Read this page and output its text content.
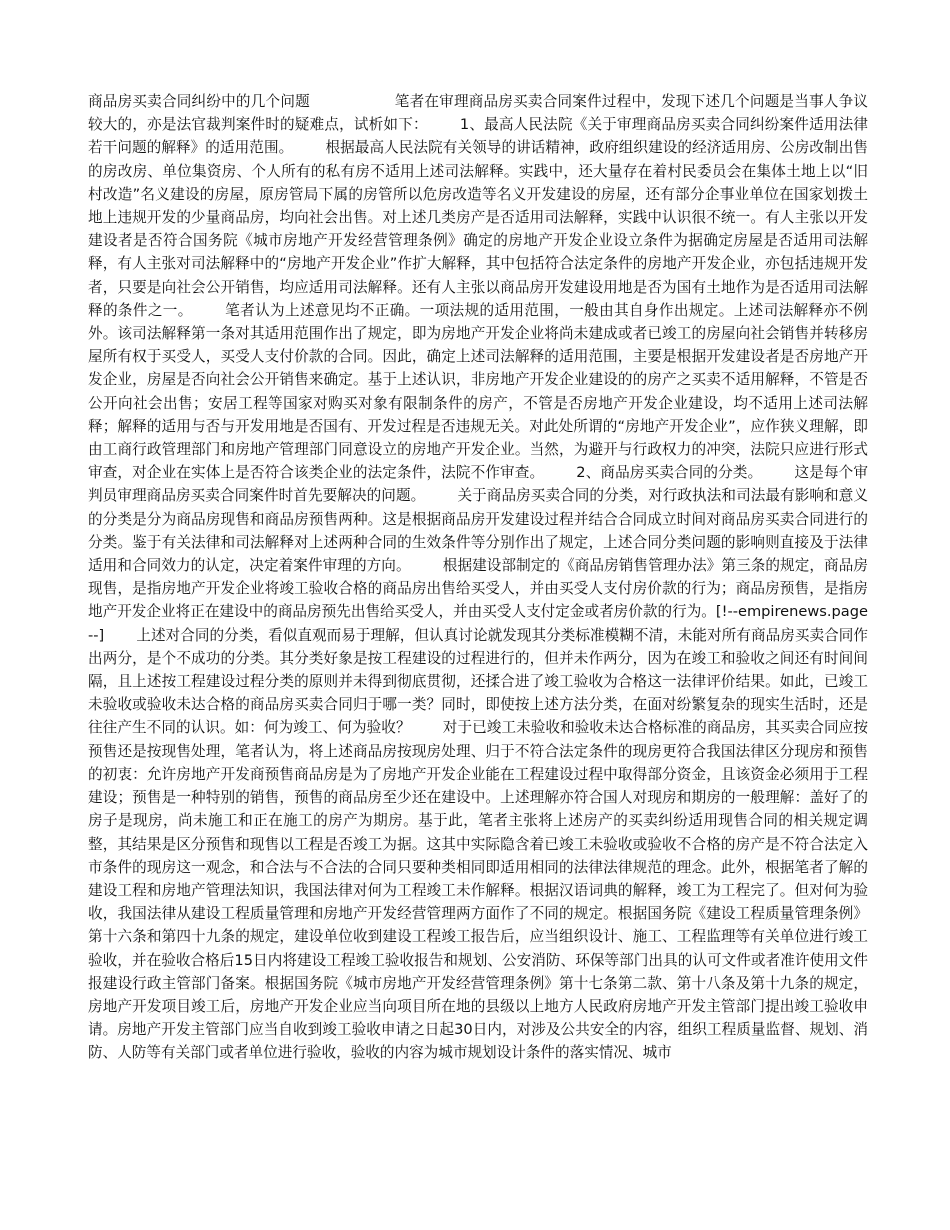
商品房买卖合同纠纷中的几个问题	笔者在审理商品房买卖合同案件过程中，发现下述几个问题是当事人争议较大的，亦是法官裁判案件时的疑难点，试析如下： 1、最高人民法院《关于审理商品房买卖合同纠纷案件适用法律若干问题的解释》的适用范围。 根据最高人民法院有关领导的讲话精神，政府组织建设的经济适用房、公房改制出售的房改房、单位集资房、个人所有的私有房不适用上述司法解释。实践中，还大量存在着村民委员会在集体土地上以“旧村改造”名义建设的房屋，原房管局下属的房管所以危房改造等名义开发建设的房屋，还有部分企事业单位在国家划拨土地上违规开发的少量商品房，均向社会出售。对上述几类房产是否适用司法解释，实践中认识很不统一。有人主张以开发建设者是否符合国务院《城市房地产开发经营管理条例》确定的房地产开发企业设立条件为据确定房屋是否适用司法解释，有人主张对司法解释中的“房地产开发企业”作扩大解释，其中包括符合法定条件的房地产开发企业，亦包括违规开发者，只要是向社会公开销售，均应适用司法解释。还有人主张以商品房开发建设用地是否为国有土地作为是否适用司法解释的条件之一。 笔者认为上述意见均不正确。一项法规的适用范围，一般由其自身作出规定。上述司法解释亦不例外。该司法解释第一条对其适用范围作出了规定，即为房地产开发企业将尚未建成或者已竣工的房屋向社会销售并转移房屋所有权于买受人，买受人支付价款的合同。因此，确定上述司法解释的适用范围，主要是根据开发建设者是否房地产开发企业，房屋是否向社会公开销售来确定。基于上述认识，非房地产开发企业建设的的房产之买卖不适用解释，不管是否公开向社会出售；安居工程等国家对购买对象有限制条件的房产，不管是否房地产开发企业建设，均不适用上述司法解释；解释的适用与否与开发用地是否国有、开发过程是否违规无关。对此处所谓的“房地产开发企业”，应作狭义理解，即由工商行政管理部门和房地产管理部门同意设立的房地产开发企业。当然，为避开与行政权力的冲突，法院只应进行形式审查，对企业在实体上是否符合该类企业的法定条件，法院不作审查。 2、商品房买卖合同的分类。 这是每个审判员审理商品房买卖合同案件时首先要解决的问题。 关于商品房买卖合同的分类，对行政执法和司法最有影响和意义的分类是分为商品房现售和商品房预售两种。这是根据商品房开发建设过程并结合合同成立时间对商品房买卖合同进行的分类。鉴于有关法律和司法解释对上述两种合同的生效条件等分别作出了规定，上述合同分类问题的影响则直接及于法律适用和合同效力的认定，决定着案件审理的方向。 根据建设部制定的《商品房销售管理办法》第三条的规定，商品房现售，是指房地产开发企业将竣工验收合格的商品房出售给买受人，并由买受人支付房价款的行为；商品房预售，是指房地产开发企业将正在建设中的商品房预先出售给买受人，并由买受人支付定金或者房价款的行为。[!--empirenews.page--] 上述对合同的分类，看似直观而易于理解，但认真讨论就发现其分类标准模糊不清，未能对所有商品房买卖合同作出两分，是个不成功的分类。其分类好象是按工程建设的过程进行的，但并未作两分，因为在竣工和验收之间还有时间间隔，且上述按工程建设过程分类的原则并未得到彻底贯彻，还揉合进了竣工验收为合格这一法律评价结果。如此，已竣工未验收或验收未达合格的商品房买卖合同归于哪一类？同时，即使按上述方法分类，在面对纷繁复杂的现实生活时，还是往往产生不同的认识。如：何为竣工、何为验收？ 对于已竣工未验收和验收未达合格标准的商品房，其买卖合同应按预售还是按现售处理，笔者认为，将上述商品房按现房处理、归于不符合法定条件的现房更符合我国法律区分现房和预售的初衷：允许房地产开发商预售商品房是为了房地产开发企业能在工程建设过程中取得部分资金，且该资金必须用于工程建设；预售是一种特别的销售，预售的商品房至少还在建设中。上述理解亦符合国人对现房和期房的一般理解：盖好了的房子是现房，尚未施工和正在施工的房产为期房。基于此，笔者主张将上述房产的买卖纠纷适用现售合同的相关规定调整，其结果是区分预售和现售以工程是否竣工为据。这其中实际隐含着已竣工未验收或验收不合格的房产是不符合法定入市条件的现房这一观念，和合法与不合法的合同只要种类相同即适用相同的法律法律规范的理念。此外，根据笔者了解的建设工程和房地产管理法知识，我国法律对何为工程竣工未作解释。根据汉语词典的解释，竣工为工程完了。但对何为验收，我国法律从建设工程质量管理和房地产开发经营管理两方面作了不同的规定。根据国务院《建设工程质量管理条例》第十六条和第四十九条的规定，建设单位收到建设工程竣工报告后，应当组织设计、施工、工程监理等有关单位进行竣工验收，并在验收合格后15日内将建设工程竣工验收报告和规划、公安消防、环保等部门出具的认可文件或者准许使用文件报建设行政主管部门备案。根据国务院《城市房地产开发经营管理条例》第十七条第二款、第十八条及第十九条的规定，房地产开发项目竣工后，房地产开发企业应当向项目所在地的县级以上地方人民政府房地产开发主管部门提出竣工验收申请。房地产开发主管部门应当自收到竣工验收申请之日起30日内，对涉及公共安全的内容，组织工程质量监督、规划、消防、人防等有关部门或者单位进行验收，验收的内容为城市规划设计条件的落实情况、城市
